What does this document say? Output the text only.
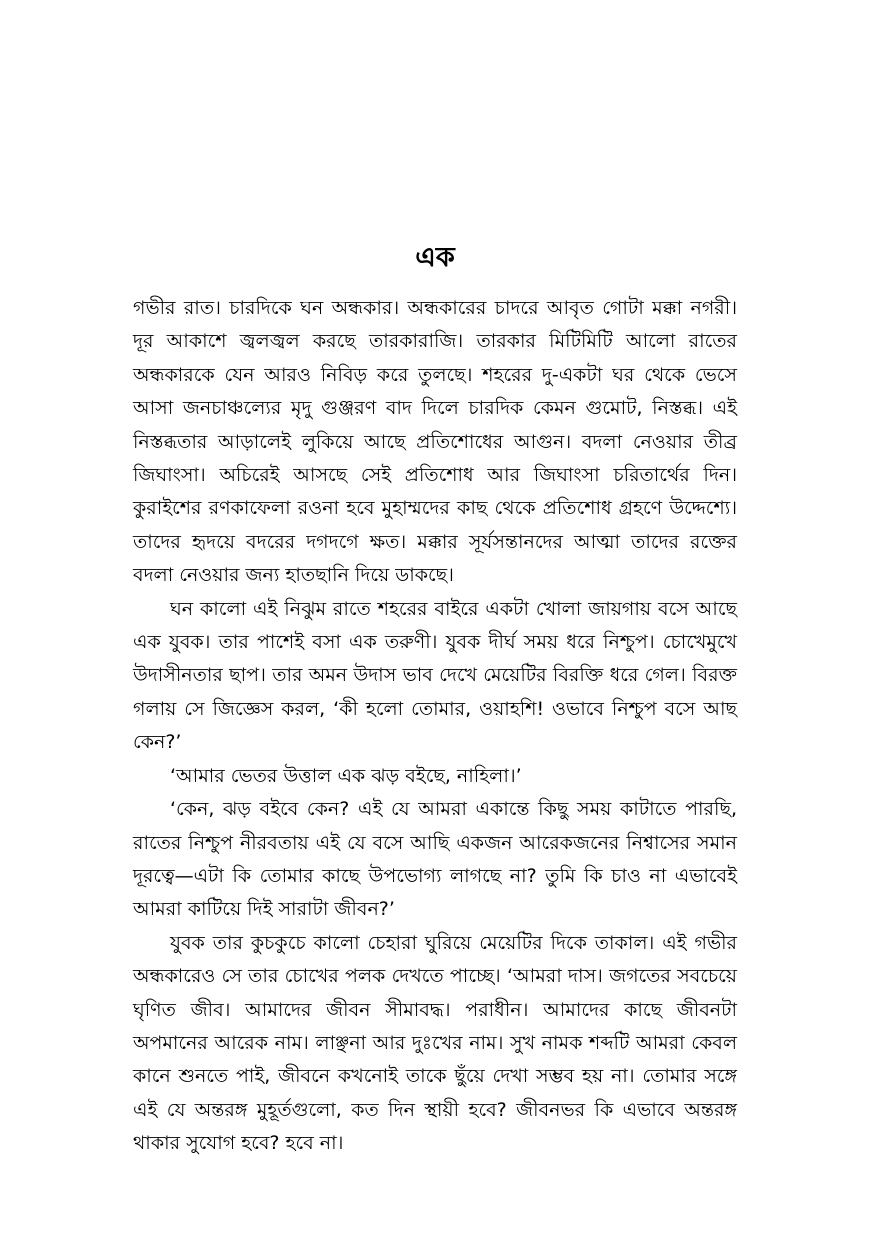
এক

গভীর রাত। চারদিকে ঘন অন্ধকার। অন্ধকারের চাদরে আবৃত গোটা মক্কা নগরী। দূর আকাশে জ্বলজ্বল করছে তারকারাজি। তারকার মিটিমিটি আলো রাতের অন্ধকারকে যেন আরও নিবিড় করে তুলছে। শহরের দু-একটা ঘর থেকে ভেসে আসা জনচাঞ্চল্যের মৃদু গুঞ্জরণ বাদ দিলে চারদিক কেমন গুমোট, নিস্তব্ধ। এই নিস্তব্ধতার আড়ালেই লুকিয়ে আছে প্রতিশোধের আগুন। বদলা নেওয়ার তীব্র জিঘাংসা। অচিরেই আসছে সেই প্রতিশোধ আর জিঘাংসা চরিতার্থের দিন। কুরাইশের রণকাফেলা রওনা হবে মুহাম্মদের কাছ থেকে প্রতিশোধ গ্রহণে উদ্দেশ্যে। তাদের হৃদয়ে বদরের দগদগে ক্ষত। মক্কার সূর্যসন্তানদের আত্মা তাদের রক্তের বদলা নেওয়ার জন্য হাতছানি দিয়ে ডাকছে।

ঘন কালো এই নিঝুম রাতে শহরের বাইরে একটা খোলা জায়গায় বসে আছে এক যুবক। তার পাশেই বসা এক তরুণী। যুবক দীর্ঘ সময় ধরে নিশ্চুপ। চোখেমুখে উদাসীনতার ছাপ। তার অমন উদাস ভাব দেখে মেয়েটির বিরক্তি ধরে গেল। বিরক্ত গলায় সে জিজ্ঞেস করল, ‘কী হলো তোমার, ওয়াহশি! ওভাবে নিশ্চুপ বসে আছ কেন?’

‘আমার ভেতর উত্তাল এক ঝড় বইছে, নাহিলা।’

‘কেন, ঝড় বইবে কেন? এই যে আমরা একান্তে কিছু সময় কাটাতে পারছি, রাতের নিশ্চুপ নীরবতায় এই যে বসে আছি একজন আরেকজনের নিশ্বাসের সমান দূরত্বে—এটা কি তোমার কাছে উপভোগ্য লাগছে না? তুমি কি চাও না এভাবেই আমরা কাটিয়ে দিই সারাটা জীবন?’

যুবক তার কুচকুচে কালো চেহারা ঘুরিয়ে মেয়েটির দিকে তাকাল। এই গভীর অন্ধকারেও সে তার চোখের পলক দেখতে পাচ্ছে। ‘আমরা দাস। জগতের সবচেয়ে ঘৃণিত জীব। আমাদের জীবন সীমাবদ্ধ। পরাধীন। আমাদের কাছে জীবনটা অপমানের আরেক নাম। লাঞ্ছনা আর দুঃখের নাম। সুখ নামক শব্দটি আমরা কেবল কানে শুনতে পাই, জীবনে কখনোই তাকে ছুঁয়ে দেখা সম্ভব হয় না। তোমার সঙ্গে এই যে অন্তরঙ্গ মুহূর্তগুলো, কত দিন স্থায়ী হবে? জীবনভর কি এভাবে অন্তরঙ্গ থাকার সুযোগ হবে? হবে না।
